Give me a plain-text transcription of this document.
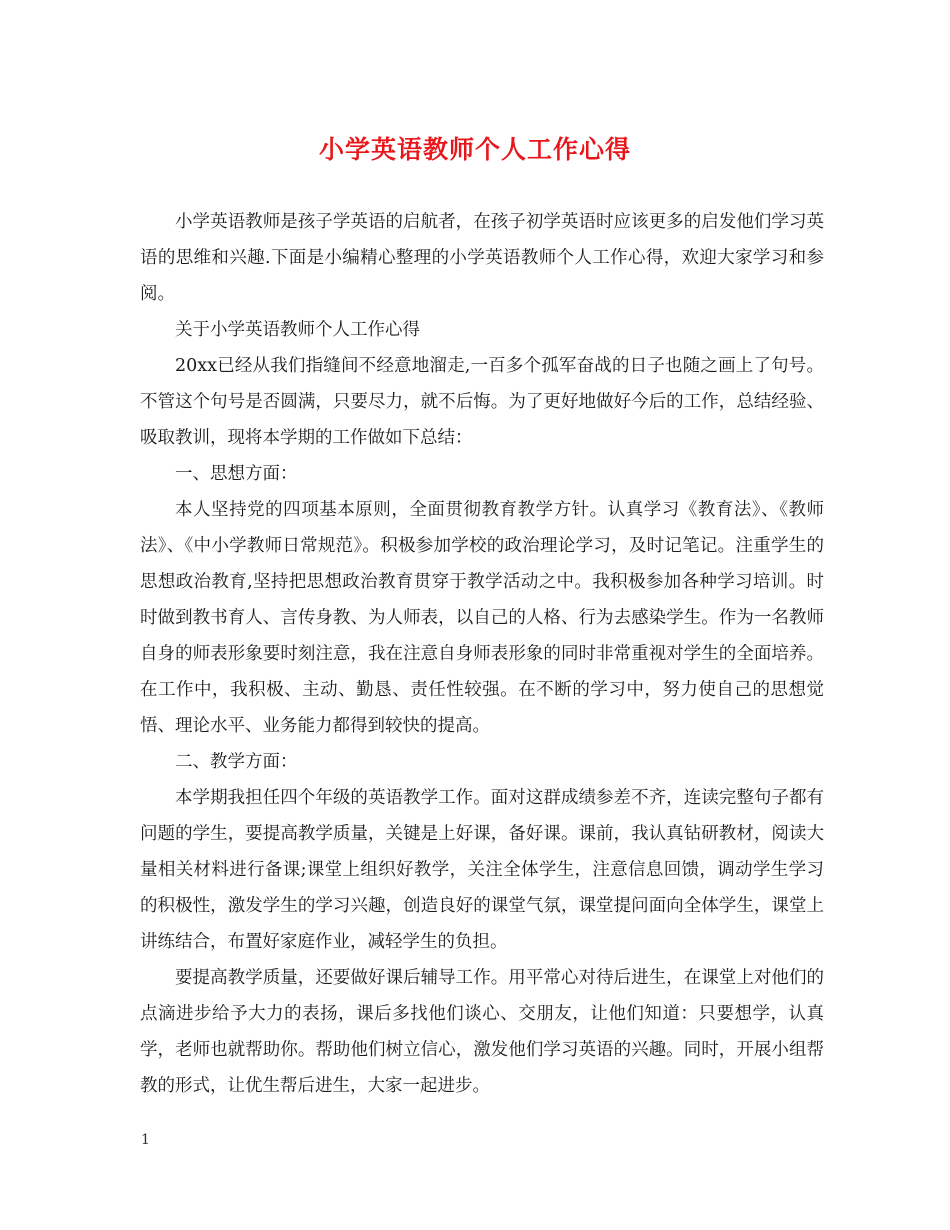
小学英语教师个人工作心得

小学英语教师是孩子学英语的启航者，在孩子初学英语时应该更多的启发他们学习英语的思维和兴趣.下面是小编精心整理的小学英语教师个人工作心得，欢迎大家学习和参阅。

关于小学英语教师个人工作心得

20xx已经从我们指缝间不经意地溜走,一百多个孤军奋战的日子也随之画上了句号。不管这个句号是否圆满，只要尽力，就不后悔。为了更好地做好今后的工作，总结经验、吸取教训，现将本学期的工作做如下总结：

一、思想方面：

本人坚持党的四项基本原则，全面贯彻教育教学方针。认真学习《教育法》、《教师法》、《中小学教师日常规范》。积极参加学校的政治理论学习，及时记笔记。注重学生的思想政治教育,坚持把思想政治教育贯穿于教学活动之中。我积极参加各种学习培训。时时做到教书育人、言传身教、为人师表，以自己的人格、行为去感染学生。作为一名教师自身的师表形象要时刻注意，我在注意自身师表形象的同时非常重视对学生的全面培养。在工作中，我积极、主动、勤恳、责任性较强。在不断的学习中，努力使自己的思想觉悟、理论水平、业务能力都得到较快的提高。

二、教学方面：

本学期我担任四个年级的英语教学工作。面对这群成绩参差不齐，连读完整句子都有问题的学生，要提高教学质量，关键是上好课，备好课。课前，我认真钻研教材，阅读大量相关材料进行备课;课堂上组织好教学，关注全体学生，注意信息回馈，调动学生学习的积极性，激发学生的学习兴趣，创造良好的课堂气氛，课堂提问面向全体学生，课堂上讲练结合，布置好家庭作业，减轻学生的负担。

要提高教学质量，还要做好课后辅导工作。用平常心对待后进生，在课堂上对他们的点滴进步给予大力的表扬，课后多找他们谈心、交朋友，让他们知道：只要想学，认真学，老师也就帮助你。帮助他们树立信心，激发他们学习英语的兴趣。同时，开展小组帮教的形式，让优生帮后进生，大家一起进步。

1
